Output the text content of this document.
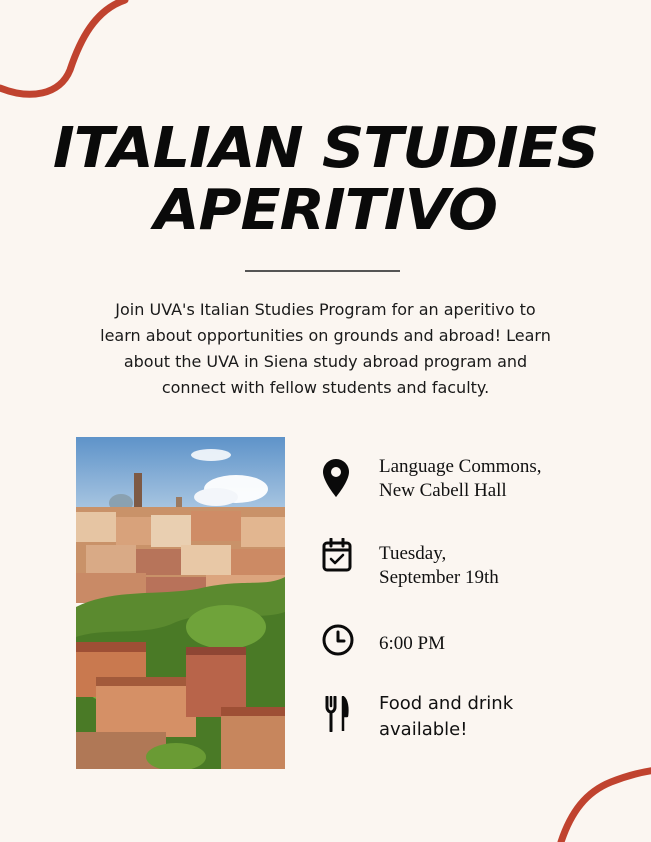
ITALIAN STUDIES
APERITIVO
Join UVA's Italian Studies Program for an aperitivo to
learn about opportunities on grounds and abroad! Learn
about the UVA in Siena study abroad program and
connect with fellow students and faculty.
Language Commons,
New Cabell Hall
Tuesday,
September 19th
6:00 PM
Food and drink
available!
